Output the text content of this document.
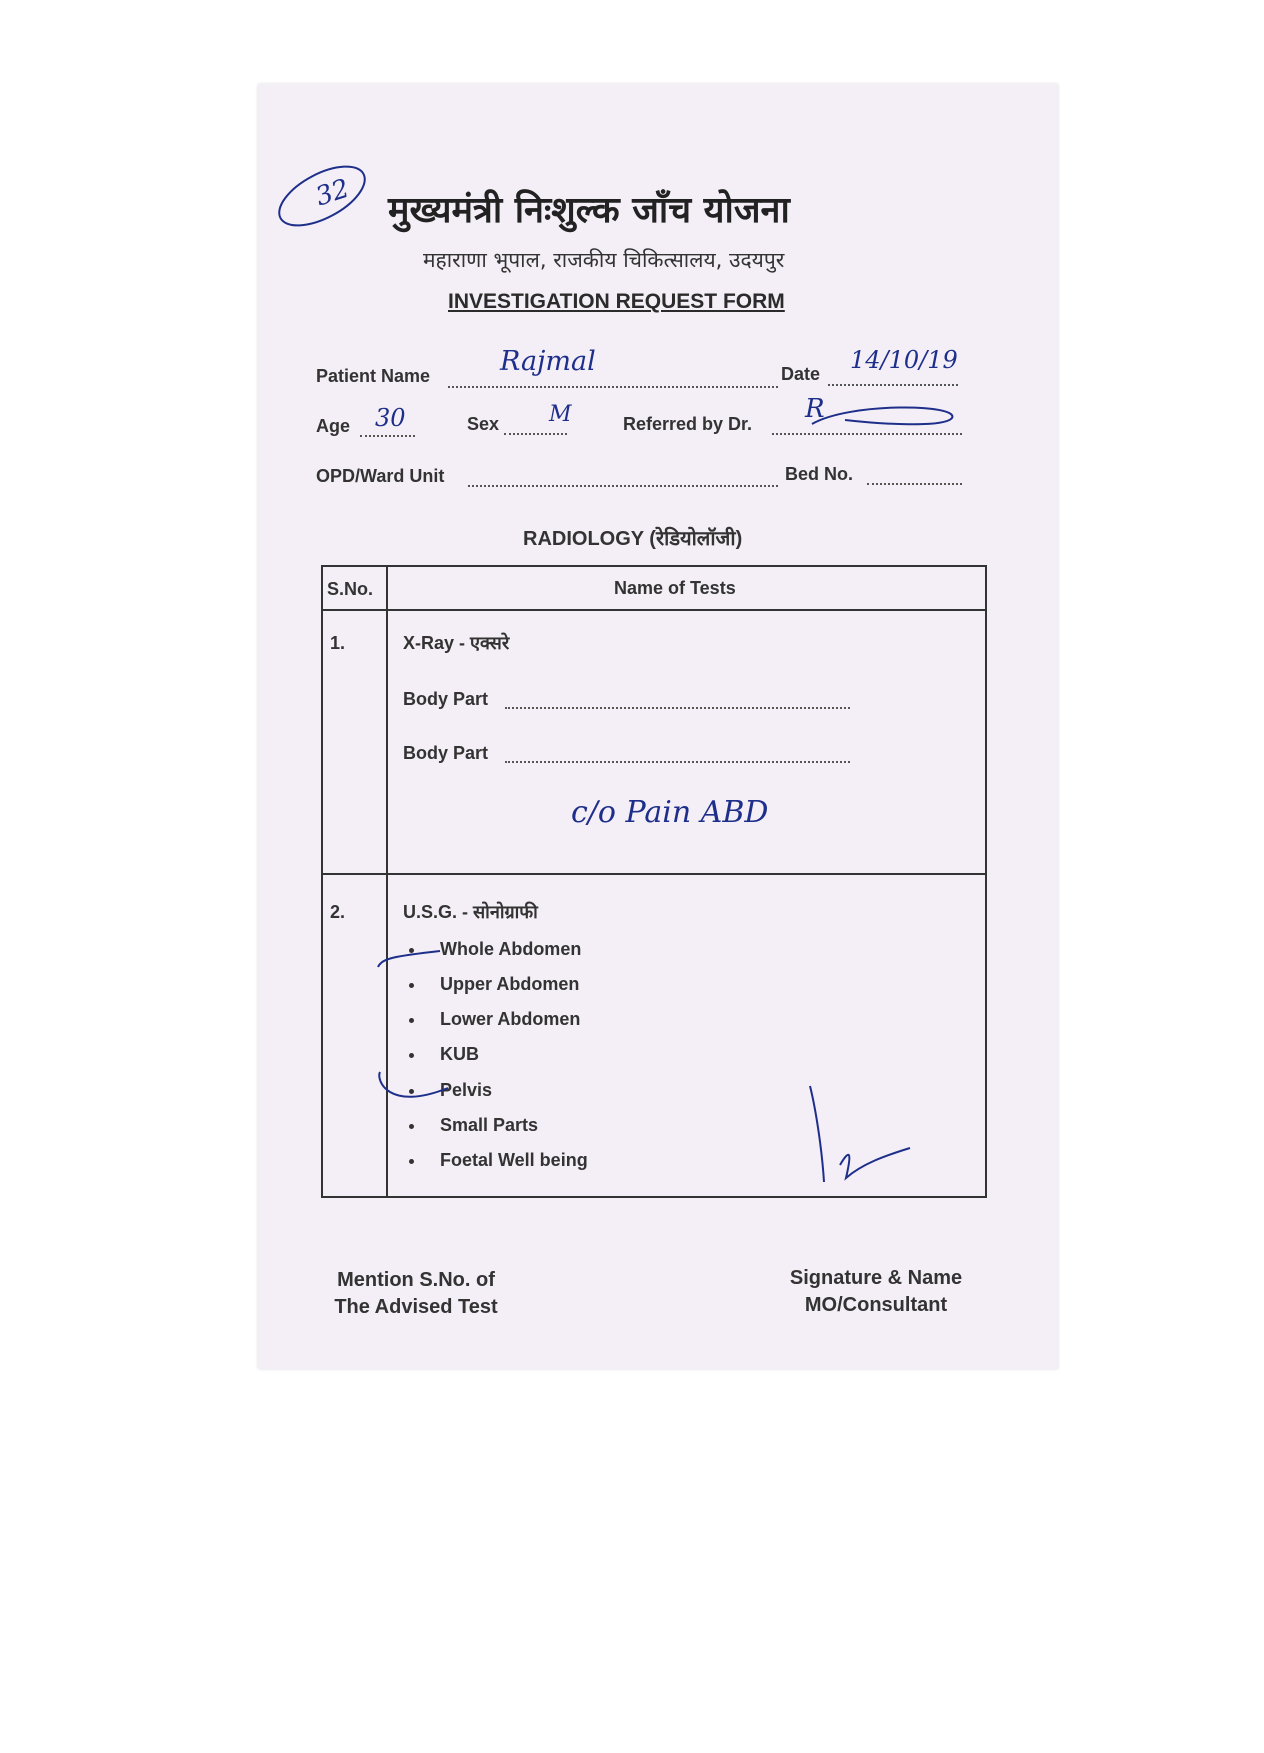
32 मुख्यमंत्री निःशुल्क जाँच योजना
महाराणा भूपाल, राजकीय चिकित्सालय, उदयपुर
INVESTIGATION REQUEST FORM
Patient Name	Rajmal	Date 14/10/19
Age 30	Sex M	Referred by Dr. R
OPD/Ward Unit	Bed No.
RADIOLOGY (रेडियोलॉजी)
S.No.	Name of Tests
1.	X-Ray - एक्सरे
Body Part
Body Part
c/o Pain ABD
2.	U.S.G. - सोनोग्राफी
Whole Abdomen
Upper Abdomen
Lower Abdomen
KUB
Pelvis
Small Parts
Foetal Well being
Mention S.No. of
The Advised Test
Signature & Name
MO/Consultant
